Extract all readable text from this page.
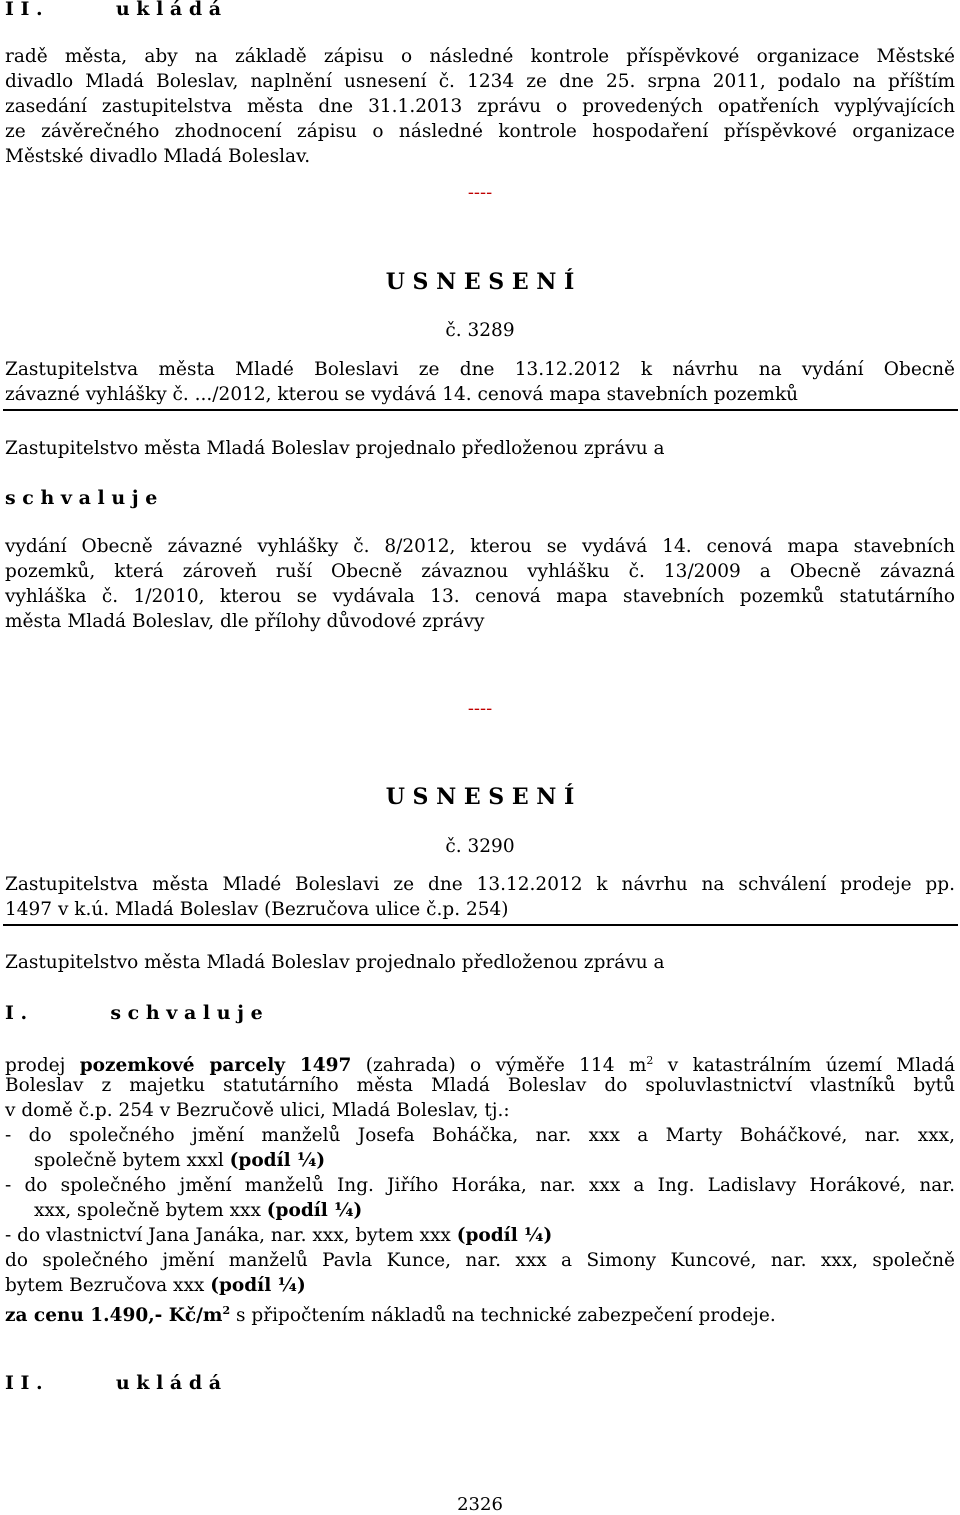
I I .	u k l á d á
radě města, aby na základě zápisu o následné kontrole příspěvkové organizace Městské
divadlo Mladá Boleslav, naplnění usnesení č. 1234 ze dne 25. srpna 2011, podalo na příštím
zasedání zastupitelstva města dne 31.1.2013 zprávu o provedených opatřeních vyplývajících
ze závěrečného zhodnocení zápisu o následné kontrole hospodaření příspěvkové organizace
Městské divadlo Mladá Boleslav.
----
U S N E S E N Í
č. 3289
Zastupitelstva města Mladé Boleslavi ze dne 13.12.2012 k návrhu na vydání Obecně
závazné vyhlášky č. .../2012, kterou se vydává 14. cenová mapa stavebních pozemků
Zastupitelstvo města Mladá Boleslav projednalo předloženou zprávu a
s c h v a l u j e
vydání Obecně závazné vyhlášky č. 8/2012, kterou se vydává 14. cenová mapa stavebních
pozemků, která zároveň ruší Obecně závaznou vyhlášku č. 13/2009 a Obecně závazná
vyhláška č. 1/2010, kterou se vydávala 13. cenová mapa stavebních pozemků statutárního
města Mladá Boleslav, dle přílohy důvodové zprávy
----
U S N E S E N Í
č. 3290
Zastupitelstva města Mladé Boleslavi ze dne 13.12.2012 k návrhu na schválení prodeje pp.
1497 v k.ú. Mladá Boleslav (Bezručova ulice č.p. 254)
Zastupitelstvo města Mladá Boleslav projednalo předloženou zprávu a
I .	s c h v a l u j e
prodej pozemkové parcely 1497 (zahrada) o výměře 114 $m^2$ v katastrálním území Mladá
Boleslav z majetku statutárního města Mladá Boleslav do spoluvlastnictví vlastníků bytů
v domě č.p. 254 v Bezručově ulici, Mladá Boleslav, tj.:
- do společného jmění manželů Josefa Boháčka, nar. xxx a Marty Boháčkové, nar. xxx,
společně bytem xxxl (podíl ¼)
- do společného jmění manželů Ing. Jiřího Horáka, nar. xxx a Ing. Ladislavy Horákové, nar.
xxx, společně bytem xxx (podíl ¼)
- do vlastnictví Jana Janáka, nar. xxx, bytem xxx (podíl ¼)
do společného jmění manželů Pavla Kunce, nar. xxx a Simony Kuncové, nar. xxx, společně
bytem Bezručova xxx (podíl ¼)
za cenu 1.490,- $Kč/m^2$ s připočtením nákladů na technické zabezpečení prodeje.
I I .	u k l á d á
2326
